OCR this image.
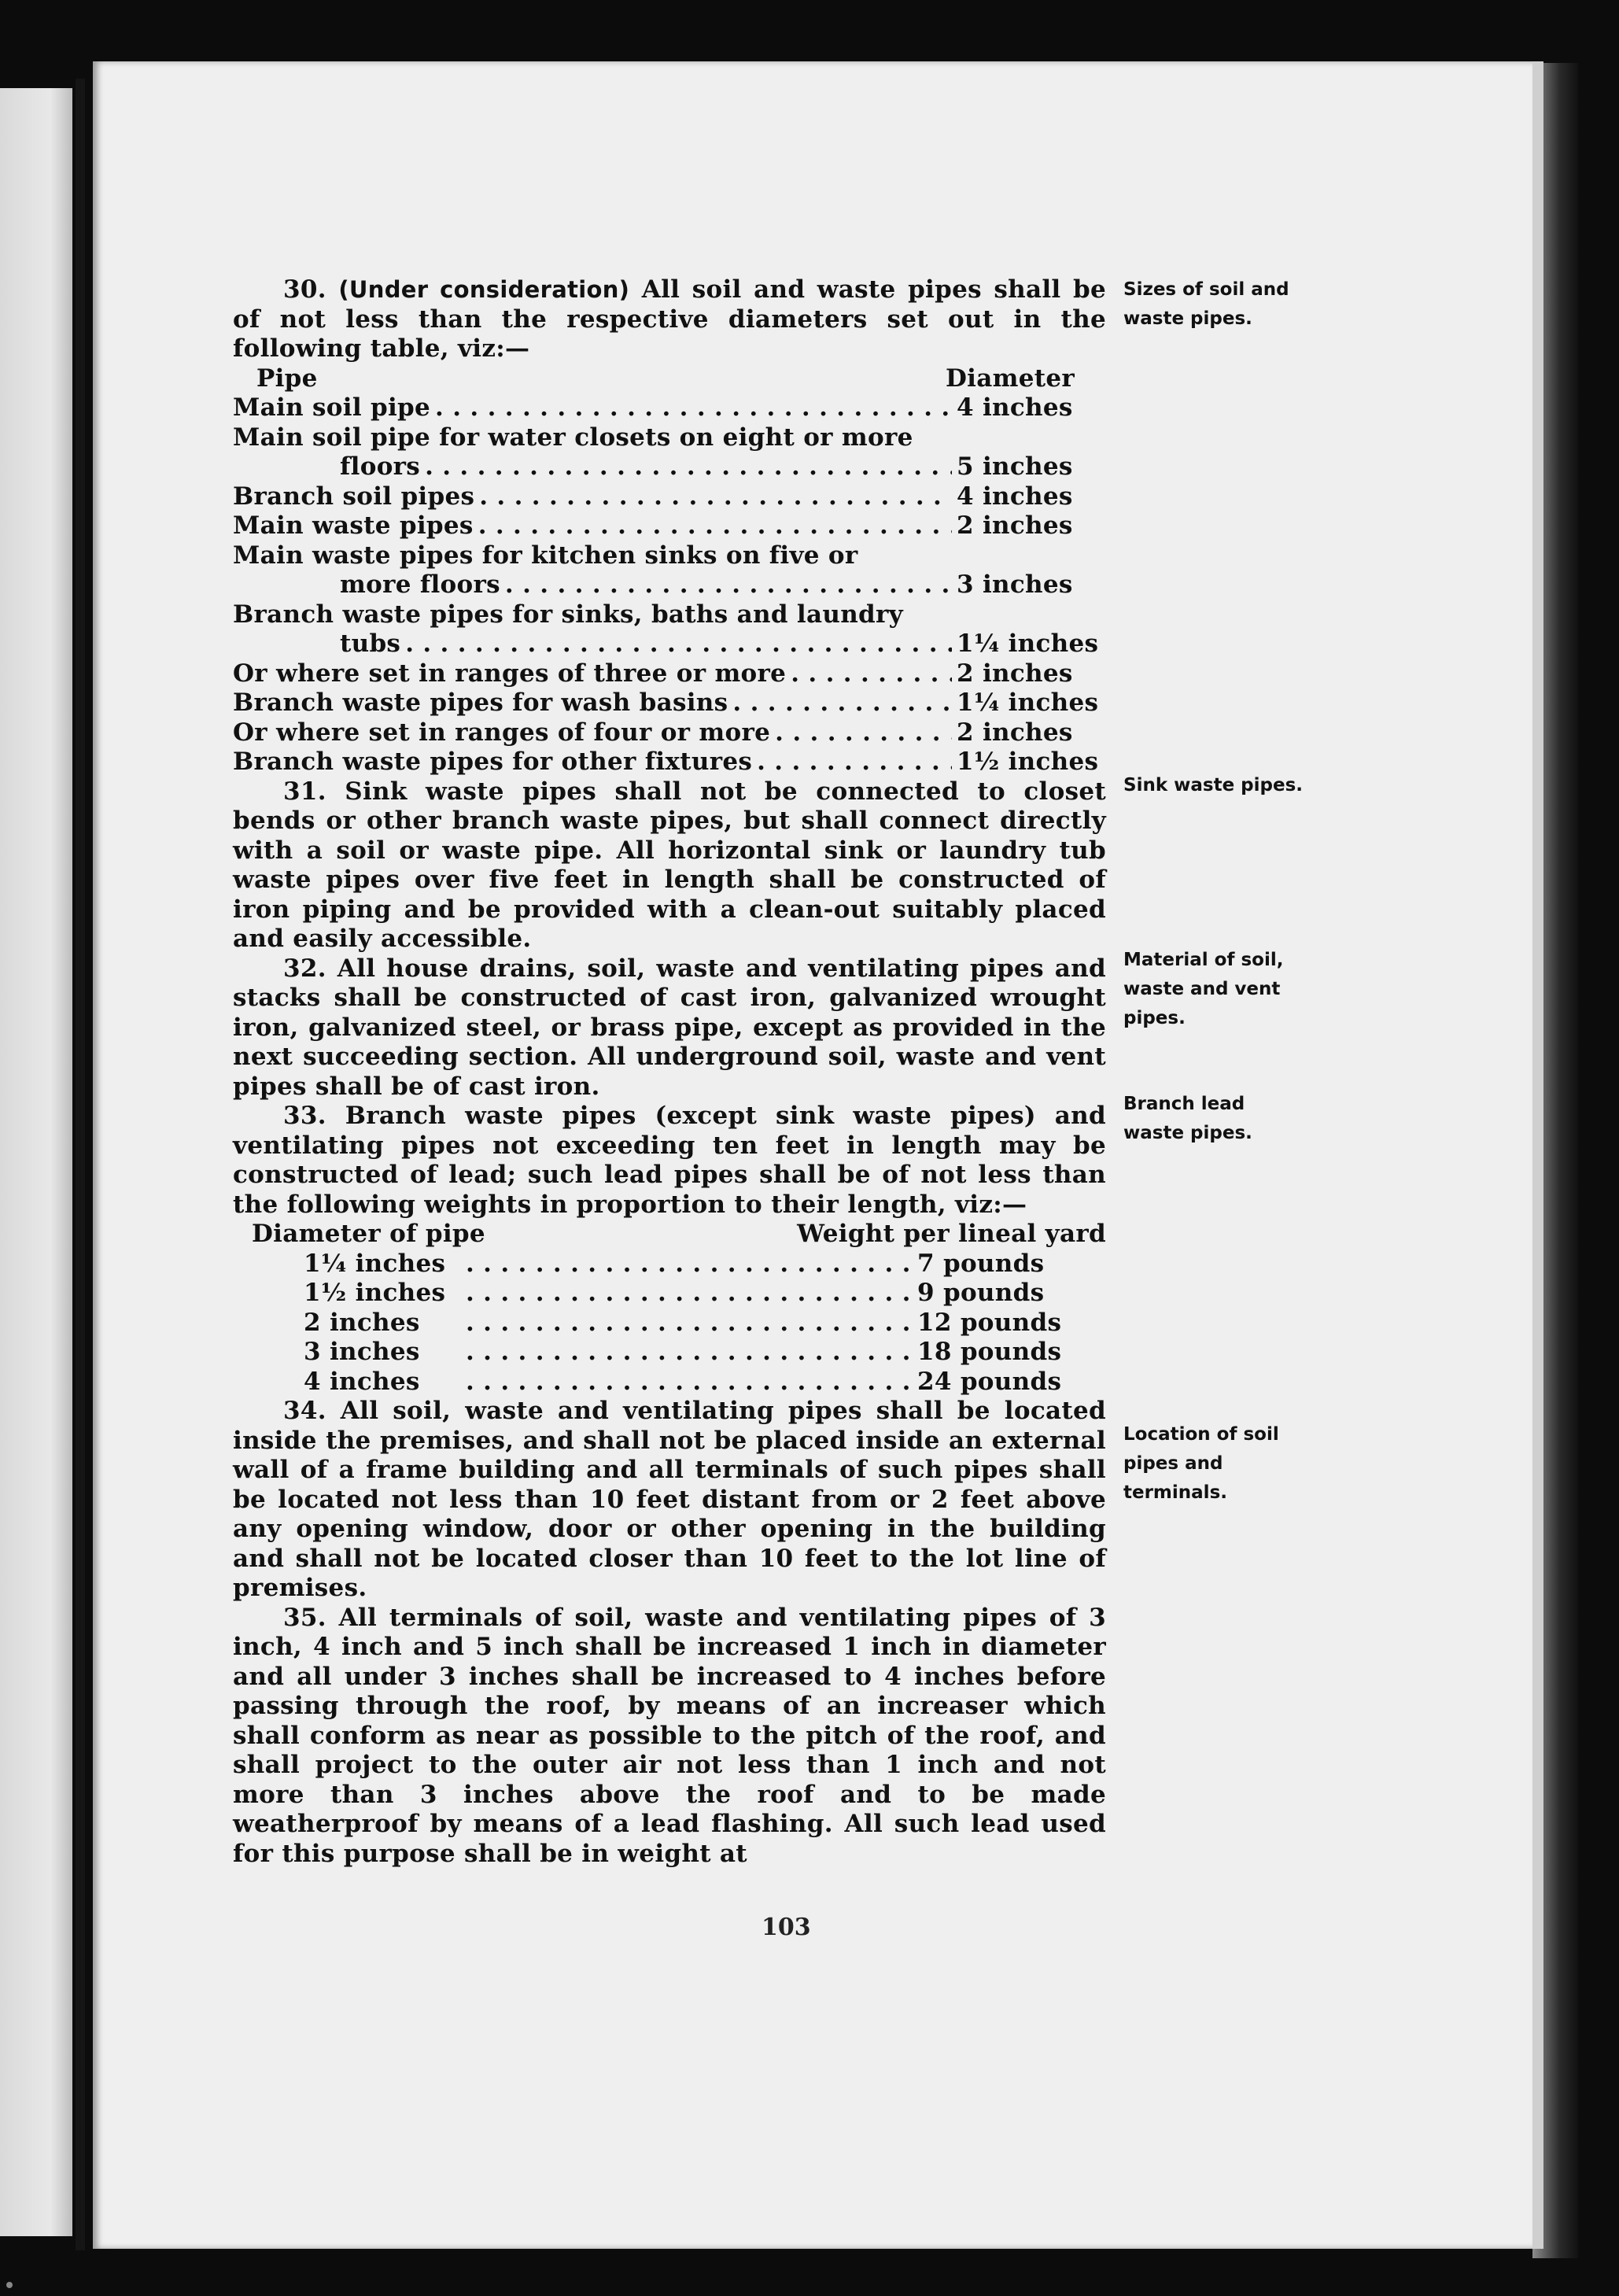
30. (Under consideration) All soil and waste pipes shall be of not less than the respective diameters set out in the following table, viz:—

Pipe	Diameter
Main soil pipe . . .	4 inches
Main soil pipe for water closets on eight or more
floors . . .	5 inches
Branch soil pipes . . .	4 inches
Main waste pipes . . .	2 inches
Main waste pipes for kitchen sinks on five or
more floors . . .	3 inches
Branch waste pipes for sinks, baths and laundry
tubs . . .	1¼ inches
Or where set in ranges of three or more . . .	2 inches
Branch waste pipes for wash basins . . .	1¼ inches
Or where set in ranges of four or more . . .	2 inches
Branch waste pipes for other fixtures . . .	1½ inches

31. Sink waste pipes shall not be connected to closet bends or other branch waste pipes, but shall connect directly with a soil or waste pipe. All horizontal sink or laundry tub waste pipes over five feet in length shall be constructed of iron piping and be provided with a clean-out suitably placed and easily accessible.

32. All house drains, soil, waste and ventilating pipes and stacks shall be constructed of cast iron, galvanized wrought iron, galvanized steel, or brass pipe, except as provided in the next succeeding section. All underground soil, waste and vent pipes shall be of cast iron.

33. Branch waste pipes (except sink waste pipes) and ventilating pipes not exceeding ten feet in length may be constructed of lead; such lead pipes shall be of not less than the following weights in proportion to their length, viz:—

Diameter of pipe	Weight per lineal yard
1¼ inches . . .	7 pounds
1½ inches . . .	9 pounds
2 inches . . .	12 pounds
3 inches . . .	18 pounds
4 inches . . .	24 pounds

34. All soil, waste and ventilating pipes shall be located inside the premises, and shall not be placed inside an external wall of a frame building and all terminals of such pipes shall be located not less than 10 feet distant from or 2 feet above any opening window, door or other opening in the building and shall not be located closer than 10 feet to the lot line of premises.

35. All terminals of soil, waste and ventilating pipes of 3 inch, 4 inch and 5 inch shall be increased 1 inch in diameter and all under 3 inches shall be increased to 4 inches before passing through the roof, by means of an increaser which shall conform as near as possible to the pitch of the roof, and shall project to the outer air not less than 1 inch and not more than 3 inches above the roof and to be made weatherproof by means of a lead flashing. All such lead used for this purpose shall be in weight at

Sizes of soil and waste pipes.
Sink waste pipes.
Material of soil, waste and vent pipes.
Branch lead waste pipes.
Location of soil pipes and terminals.
103
